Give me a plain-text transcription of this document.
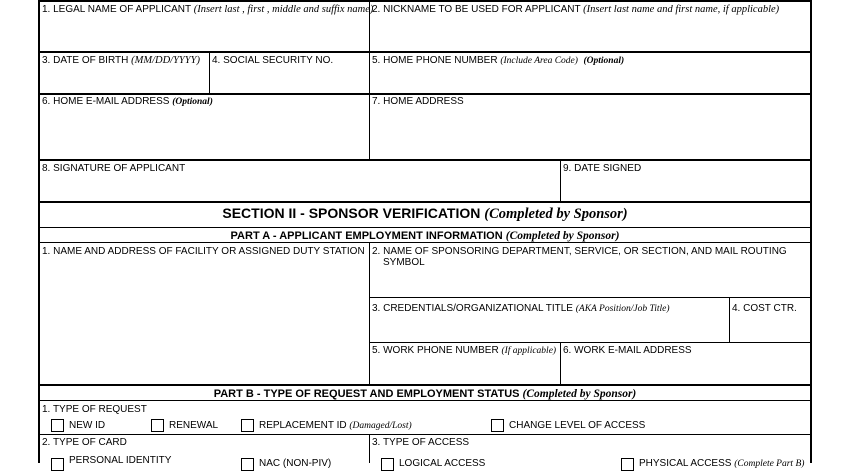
1. LEGAL NAME OF APPLICANT (Insert last , first , middle and suffix name)
2. NICKNAME TO BE USED FOR APPLICANT (Insert last name and first name, if applicable)
3. DATE OF BIRTH (MM/DD/YYYY) 4. SOCIAL SECURITY NO.	5. HOME PHONE NUMBER (Include Area Code) (Optional)
6. HOME E-MAIL ADDRESS (Optional)	7. HOME ADDRESS
8. SIGNATURE OF APPLICANT	9. DATE SIGNED
SECTION II - SPONSOR VERIFICATION (Completed by Sponsor)
PART A - APPLICANT EMPLOYMENT INFORMATION (Completed by Sponsor)
1. NAME AND ADDRESS OF FACILITY OR ASSIGNED DUTY STATION 2. NAME OF SPONSORING DEPARTMENT, SERVICE, OR SECTION, AND MAIL ROUTING
SYMBOL
3. CREDENTIALS/ORGANIZATIONAL TITLE (AKA Position/Job Title)	4. COST CTR.
5. WORK PHONE NUMBER (If applicable) 6. WORK E-MAIL ADDRESS
PART B - TYPE OF REQUEST AND EMPLOYMENT STATUS (Completed by Sponsor)
1. TYPE OF REQUEST
NEW ID	RENEWAL	REPLACEMENT ID (Damaged/Lost)	CHANGE LEVEL OF ACCESS
2. TYPE OF CARD	3. TYPE OF ACCESS
PERSONAL IDENTITY	NAC (NON-PIV)	LOGICAL ACCESS	PHYSICAL ACCESS (Complete Part B)
